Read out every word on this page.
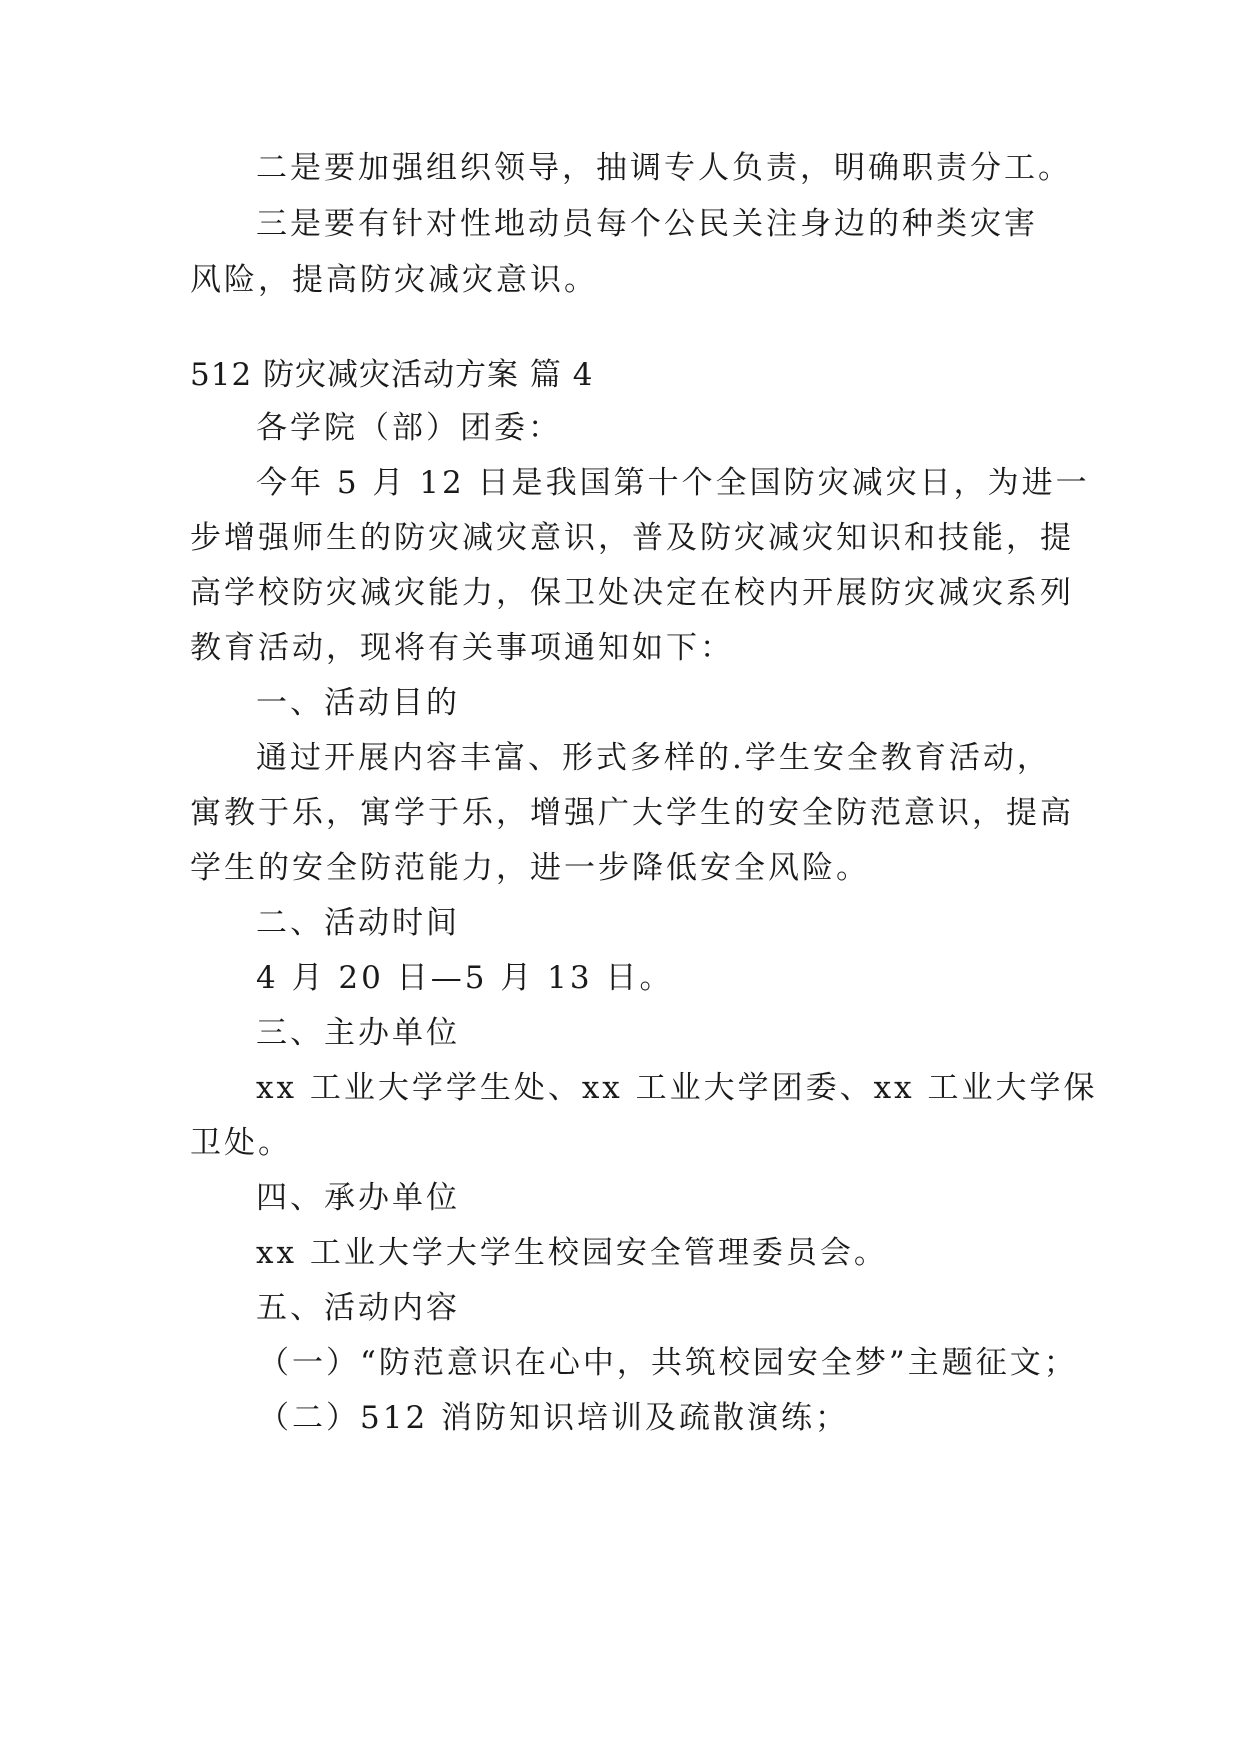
二是要加强组织领导，抽调专人负责，明确职责分工。
三是要有针对性地动员每个公民关注身边的种类灾害
风险，提高防灾减灾意识。
512 防灾减灾活动方案 篇 4
各学院（部）团委：
今年 5 月 12 日是我国第十个全国防灾减灾日，为进一
步增强师生的防灾减灾意识，普及防灾减灾知识和技能，提
高学校防灾减灾能力，保卫处决定在校内开展防灾减灾系列
教育活动，现将有关事项通知如下：
一、活动目的
通过开展内容丰富、形式多样的.学生安全教育活动，
寓教于乐，寓学于乐，增强广大学生的安全防范意识，提高
学生的安全防范能力，进一步降低安全风险。
二、活动时间
4 月 20 日—5 月 13 日。
三、主办单位
xx 工业大学学生处、xx 工业大学团委、xx 工业大学保
卫处。
四、承办单位
xx 工业大学大学生校园安全管理委员会。
五、活动内容
（一）“防范意识在心中，共筑校园安全梦”主题征文；
（二）512 消防知识培训及疏散演练；
